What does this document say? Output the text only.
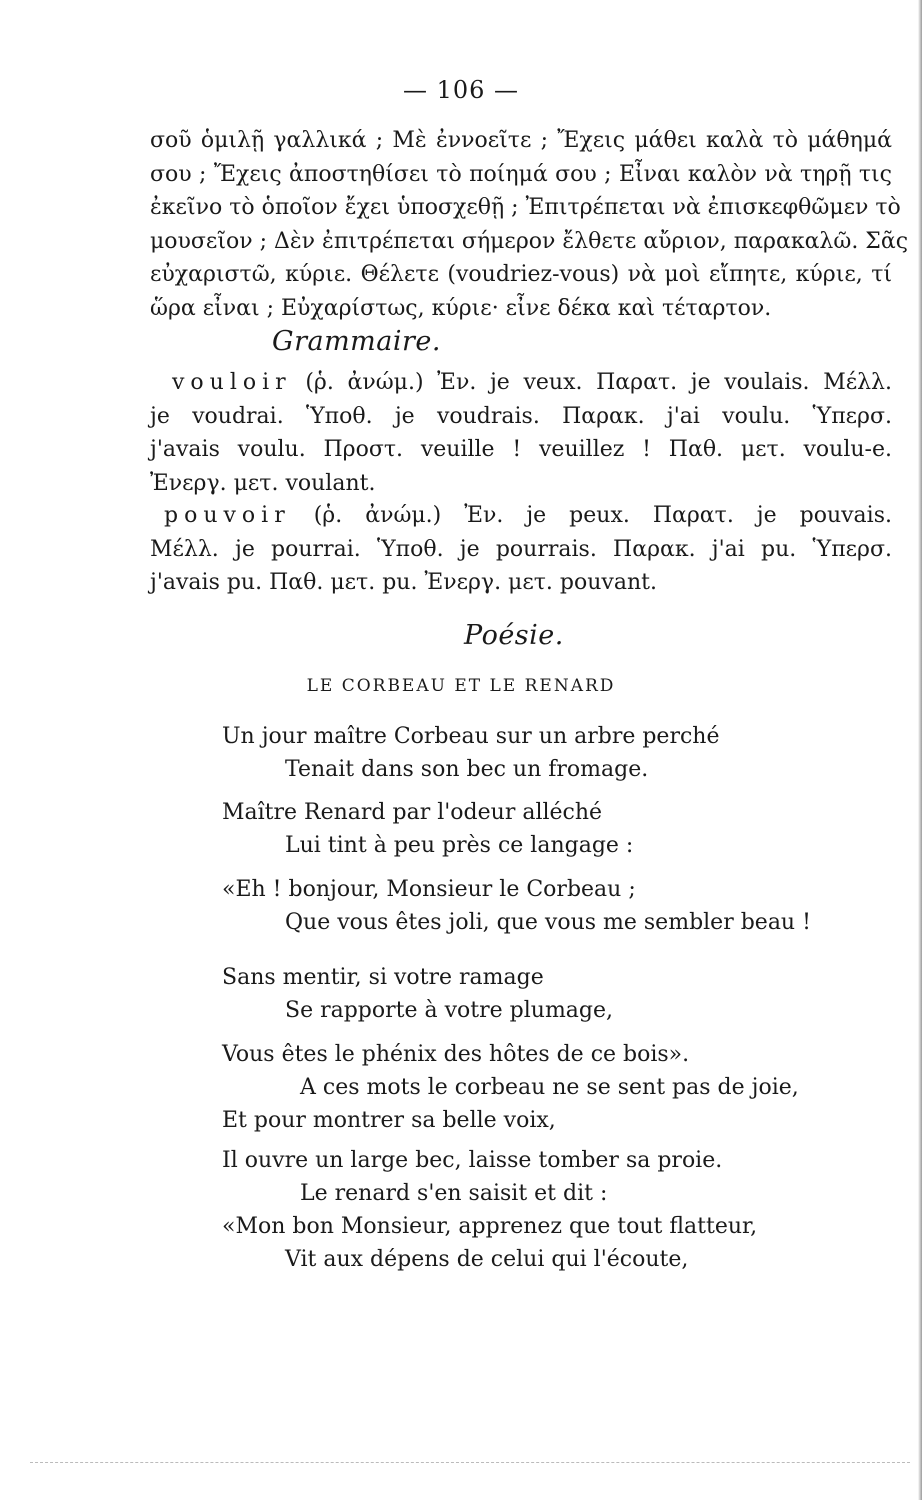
— 106 —
σοῦ ὁμιλῇ γαλλικά ; Μὲ ἐννοεῖτε ; Ἔχεις μάθει καλὰ τὸ μάθημά
σου ; Ἔχεις ἀποστηθίσει τὸ ποίημά σου ; Εἶναι καλὸν νὰ τηρῇ τις
ἐκεῖνο τὸ ὁποῖον ἔχει ὑποσχεθῇ ; Ἐπιτρέπεται νὰ ἐπισκεφθῶμεν τὸ
μουσεῖον ; Δὲν ἐπιτρέπεται σήμερον ἔλθετε αὔριον, παρακαλῶ. Σᾶς
εὐχαριστῶ, κύριε. Θέλετε (voudriez-vous) νὰ μοὶ εἴπητε, κύριε, τί
ὥρα εἶναι ; Εὐχαρίστως, κύριε· εἶνε δέκα καὶ τέταρτον.
Grammaire.
vouloir (ῥ. ἀνώμ.) Ἐν. je veux. Παρατ. je voulais. Μέλλ.
je voudrai. Ὑποθ. je voudrais. Παρακ. j'ai voulu. Ὑπερσ.
j'avais voulu. Προστ. veuille ! veuillez ! Παθ. μετ. voulu-e.
Ἐνεργ. μετ. voulant.
pouvoir (ῥ. ἀνώμ.) Ἐν. je peux. Παρατ. je pouvais.
Μέλλ. je pourrai. Ὑποθ. je pourrais. Παρακ. j'ai pu. Ὑπερσ.
j'avais pu. Παθ. μετ. pu. Ἐνεργ. μετ. pouvant.
Poésie.
LE CORBEAU ET LE RENARD
Un jour maître Corbeau sur un arbre perché
Tenait dans son bec un fromage.
Maître Renard par l'odeur alléché
Lui tint à peu près ce langage :
«Eh ! bonjour, Monsieur le Corbeau ;
Que vous êtes joli, que vous me sembler beau !
Sans mentir, si votre ramage
Se rapporte à votre plumage,
Vous êtes le phénix des hôtes de ce bois».
A ces mots le corbeau ne se sent pas de joie,
Et pour montrer sa belle voix,
Il ouvre un large bec, laisse tomber sa proie.
Le renard s'en saisit et dit :
«Mon bon Monsieur, apprenez que tout flatteur,
Vit aux dépens de celui qui l'écoute,
